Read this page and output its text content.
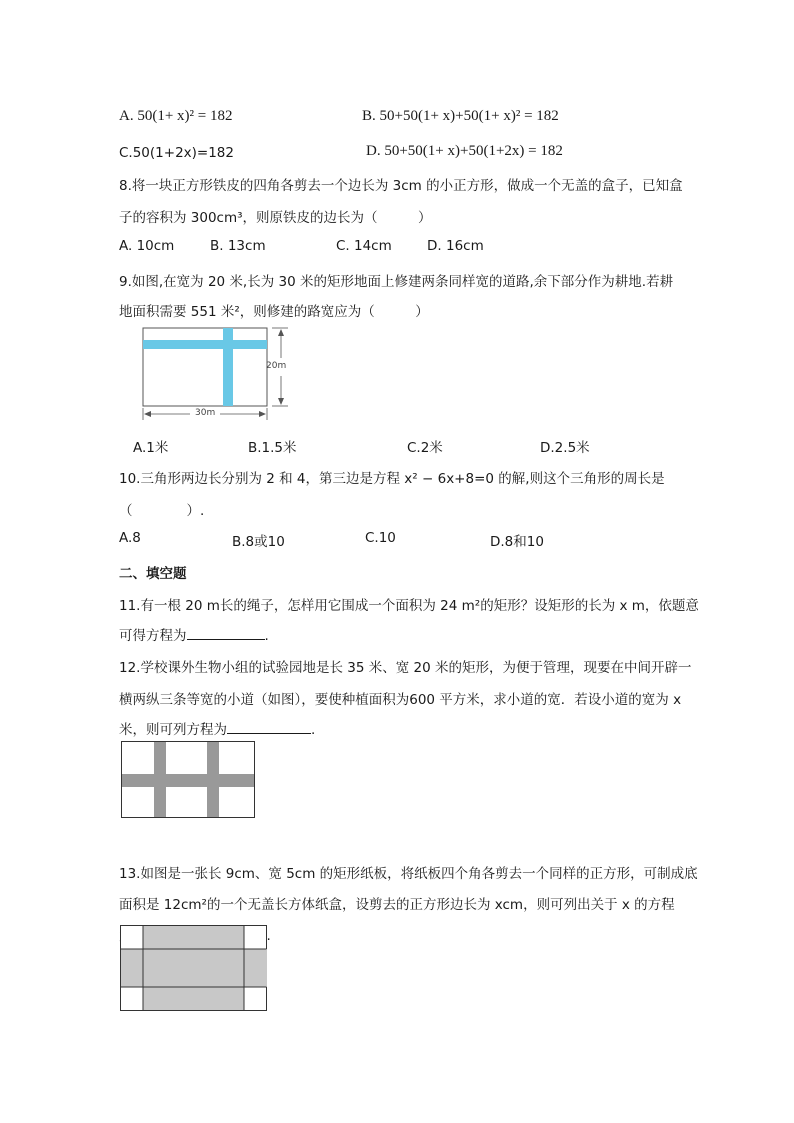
A. 50(1+ x)² = 182	B. 50+50(1+ x)+50(1+ x)² = 182
C.50(1+2x)=182	D. 50+50(1+ x)+50(1+2x) = 182
8.将一块正方形铁皮的四角各剪去一个边长为 3cm 的小正方形，做成一个无盖的盒子，已知盒
子的容积为 300cm³，则原铁皮的边长为（　　　）
A. 10cm	B. 13cm	C. 14cm	D. 16cm
9.如图,在宽为 20 米,长为 30 米的矩形地面上修建两条同样宽的道路,余下部分作为耕地.若耕
地面积需要 551 米²，则修建的路宽应为（　　　）
20m
30m
A.1米	B.1.5米	C.2米	D.2.5米
10.三角形两边长分别为 2 和 4，第三边是方程 x² − 6x+8=0 的解,则这个三角形的周长是
（　　　　）.
A.8	B.8或10	C.10	D.8和10
二、填空题
11.有一根 20 m长的绳子，怎样用它围成一个面积为 24 m²的矩形？设矩形的长为 x m，依题意
可得方程为	.
12.学校课外生物小组的试验园地是长 35 米、宽 20 米的矩形，为便于管理，现要在中间开辟一
横两纵三条等宽的小道（如图），要使种植面积为600 平方米，求小道的宽．若设小道的宽为 x
米，则可列方程为	.
13.如图是一张长 9cm、宽 5cm 的矩形纸板，将纸板四个角各剪去一个同样的正方形，可制成底
面积是 12cm²的一个无盖长方体纸盒，设剪去的正方形边长为 xcm，则可列出关于 x 的方程
.
